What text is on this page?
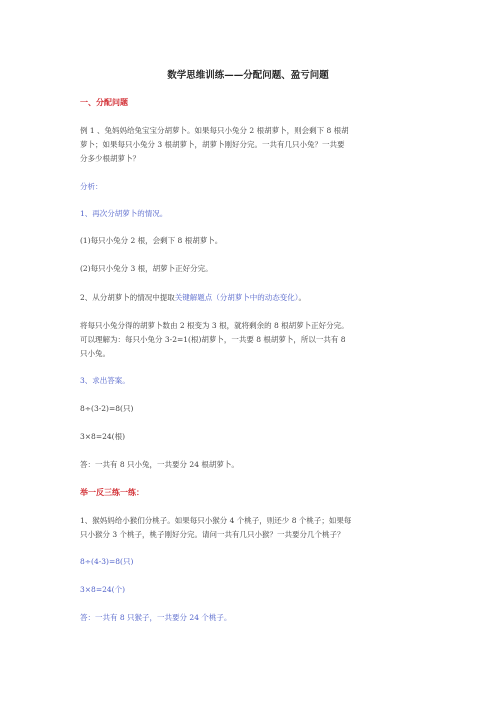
数学思维训练——分配问题、盈亏问题
一、分配问题
例 1 、兔妈妈给兔宝宝分胡萝卜。如果每只小兔分 2 根胡萝卜，则会剩下 8 根胡
萝卜；如果每只小兔分 3 根胡萝卜，胡萝卜刚好分完。一共有几只小兔？一共要
分多少根胡萝卜？
分析：
1、再次分胡萝卜的情况。
(1)每只小兔分 2 根，会剩下 8 根胡萝卜。
(2)每只小兔分 3 根，胡萝卜正好分完。
2、从分胡萝卜的情况中提取关键解题点（分胡萝卜中的动态变化）。
将每只小兔分得的胡萝卜数由 2 根变为 3 根，就将剩余的 8 根胡萝卜正好分完。
可以理解为：每只小兔分 3-2=1(根)胡萝卜，一共要 8 根胡萝卜，所以一共有 8
只小兔。
3、求出答案。
8÷(3-2)=8(只)
3×8=24(根)
答：一共有 8 只小兔，一共要分 24 根胡萝卜。
举一反三练一练：
1、猴妈妈给小猴们分桃子。如果每只小猴分 4 个桃子，则还少 8 个桃子；如果每
只小猴分 3 个桃子，桃子刚好分完。请问一共有几只小猴？一共要分几个桃子？
8÷(4-3)=8(只)
3×8=24(个)
答：一共有 8 只猴子，一共要分 24 个桃子。
